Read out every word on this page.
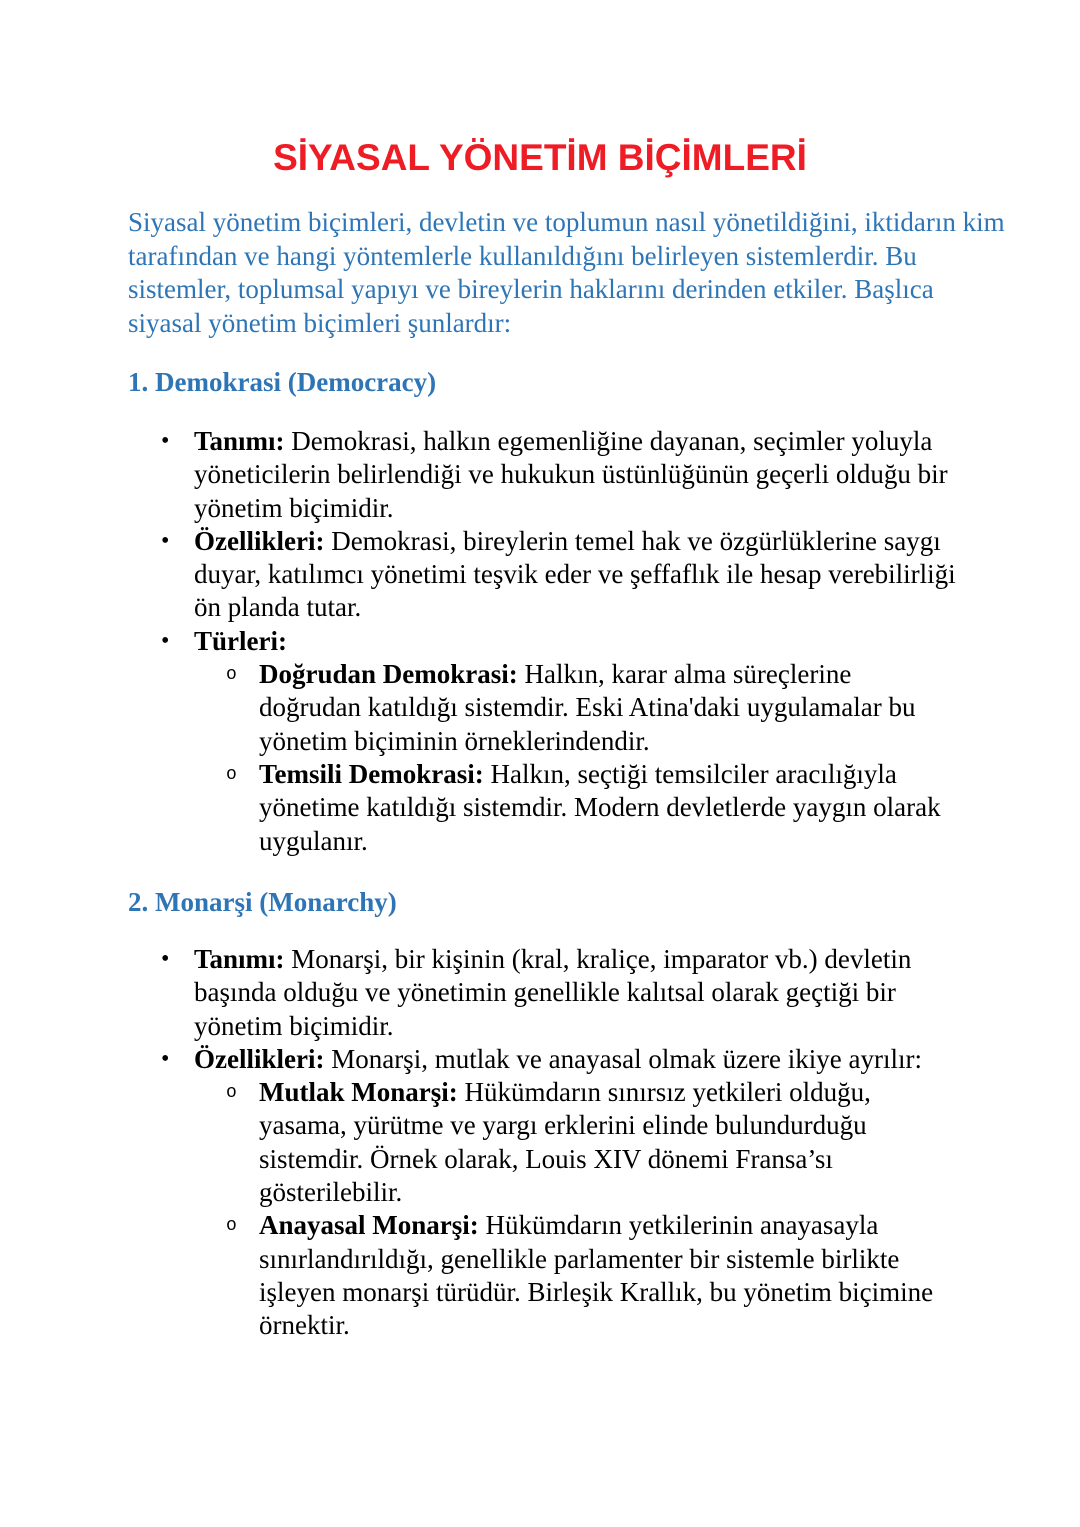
SİYASAL YÖNETİM BİÇİMLERİ

Siyasal yönetim biçimleri, devletin ve toplumun nasıl yönetildiğini, iktidarın kim tarafından ve hangi yöntemlerle kullanıldığını belirleyen sistemlerdir. Bu sistemler, toplumsal yapıyı ve bireylerin haklarını derinden etkiler. Başlıca siyasal yönetim biçimleri şunlardır:

1. Demokrasi (Democracy)
• Tanımı: Demokrasi, halkın egemenliğine dayanan, seçimler yoluyla yöneticilerin belirlendiği ve hukukun üstünlüğünün geçerli olduğu bir yönetim biçimidir.
• Özellikleri: Demokrasi, bireylerin temel hak ve özgürlüklerine saygı duyar, katılımcı yönetimi teşvik eder ve şeffaflık ile hesap verebilirliği ön planda tutar.
• Türleri:
o Doğrudan Demokrasi: Halkın, karar alma süreçlerine doğrudan katıldığı sistemdir. Eski Atina'daki uygulamalar bu yönetim biçiminin örneklerindendir.
o Temsili Demokrasi: Halkın, seçtiği temsilciler aracılığıyla yönetime katıldığı sistemdir. Modern devletlerde yaygın olarak uygulanır.
2. Monarşi (Monarchy)
• Tanımı: Monarşi, bir kişinin (kral, kraliçe, imparator vb.) devletin başında olduğu ve yönetimin genellikle kalıtsal olarak geçtiği bir yönetim biçimidir.
• Özellikleri: Monarşi, mutlak ve anayasal olmak üzere ikiye ayrılır:
o Mutlak Monarşi: Hükümdarın sınırsız yetkileri olduğu, yasama, yürütme ve yargı erklerini elinde bulundurduğu sistemdir. Örnek olarak, Louis XIV dönemi Fransa’sı gösterilebilir.
o Anayasal Monarşi: Hükümdarın yetkilerinin anayasayla sınırlandırıldığı, genellikle parlamenter bir sistemle birlikte işleyen monarşi türüdür. Birleşik Krallık, bu yönetim biçimine örnektir.
